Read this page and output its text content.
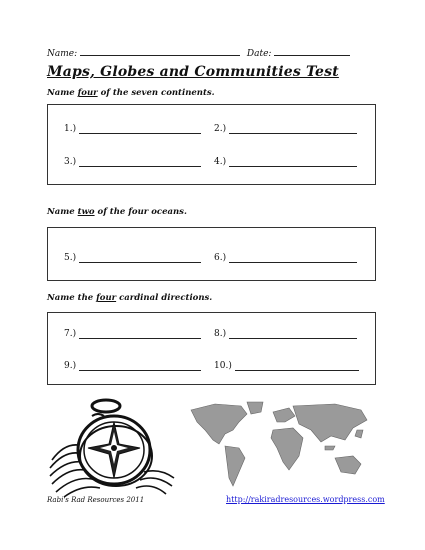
Name:	Date:
Maps, Globes and Communities Test
Name four of the seven continents.
1.)	2.)
3.)	4.)
Name two of the four oceans.
5.)	6.)
Name the four cardinal directions.
7.)	8.)
9.)	10.)
Rabi's Rad Resources 2011	http://rakiradresources.wordpress.com
